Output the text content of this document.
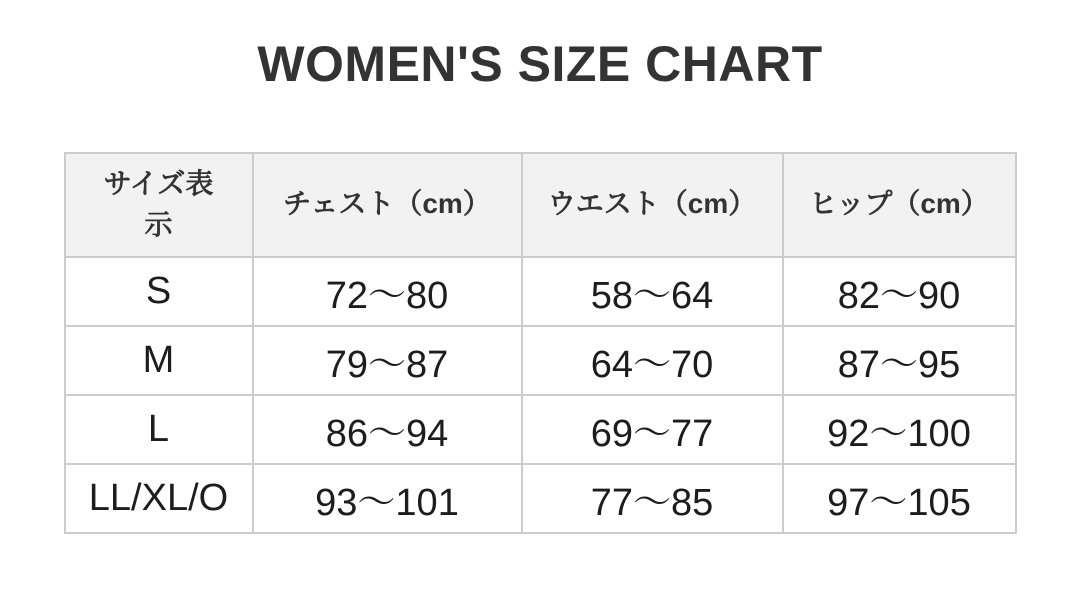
WOMEN'S SIZE CHART
サイズ表示	チェスト（cm）	ウエスト（cm）	ヒップ（cm）
S	72〜80	58〜64	82〜90
M	79〜87	64〜70	87〜95
L	86〜94	69〜77	92〜100
LL/XL/O	93〜101	77〜85	97〜105
